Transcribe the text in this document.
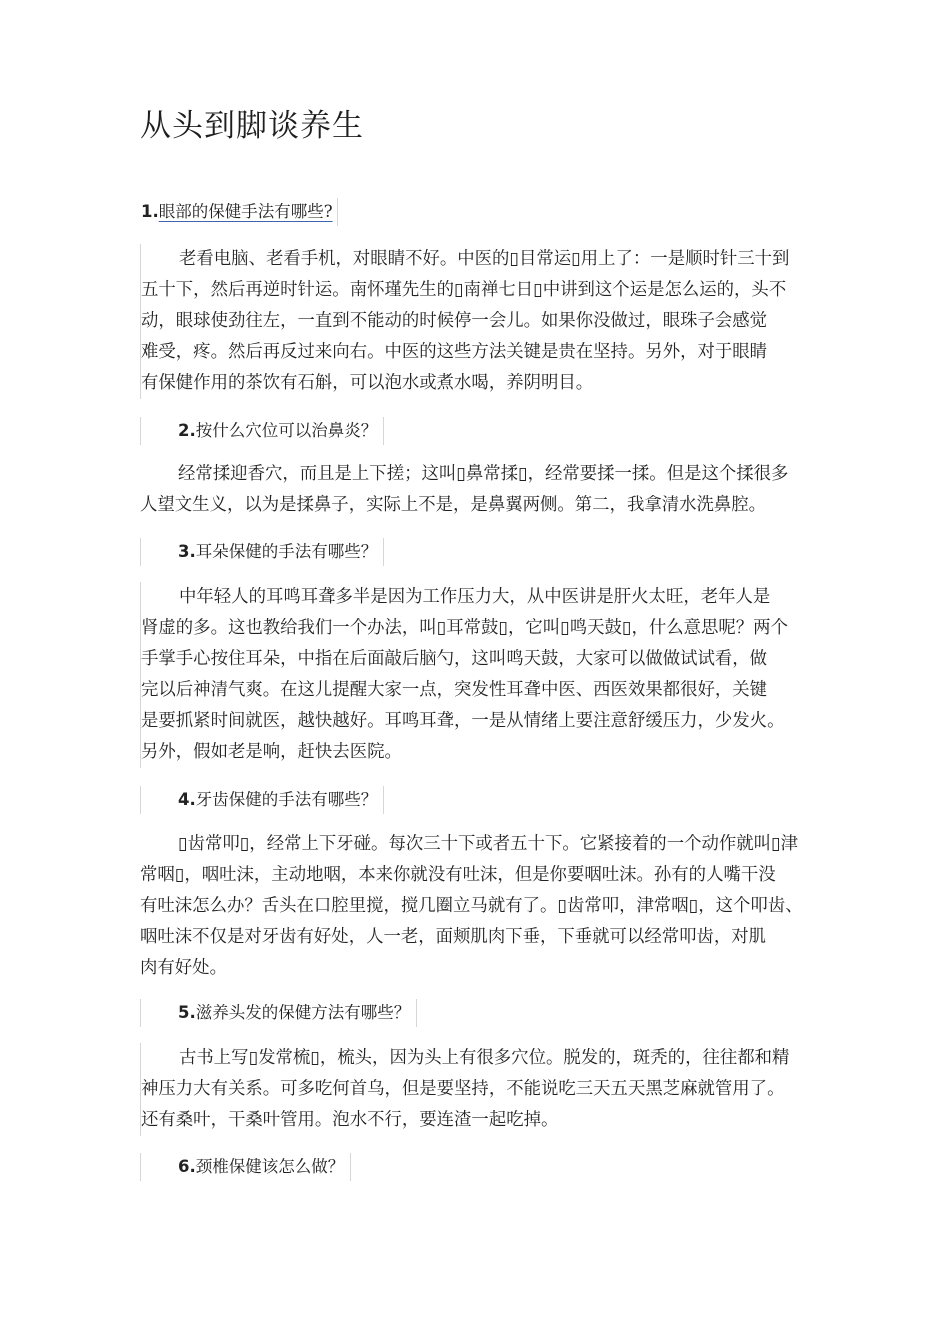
从头到脚谈养生
1.眼部的保健手法有哪些?
老看电脑、老看手机，对眼睛不好。中医的▯目常运▯用上了：一是顺时针三十到
五十下，然后再逆时针运。南怀瑾先生的▯南禅七日▯中讲到这个运是怎么运的，头不
动，眼球使劲往左，一直到不能动的时候停一会儿。如果你没做过，眼珠子会感觉
难受，疼。然后再反过来向右。中医的这些方法关键是贵在坚持。另外，对于眼睛
有保健作用的茶饮有石斛，可以泡水或煮水喝，养阴明目。
2.按什么穴位可以治鼻炎？
经常揉迎香穴，而且是上下搓；这叫▯鼻常揉▯，经常要揉一揉。但是这个揉很多
人望文生义，以为是揉鼻子，实际上不是，是鼻翼两侧。第二，我拿清水洗鼻腔。
3.耳朵保健的手法有哪些？
中年轻人的耳鸣耳聋多半是因为工作压力大，从中医讲是肝火太旺，老年人是
肾虚的多。这也教给我们一个办法，叫▯耳常鼓▯，它叫▯鸣天鼓▯，什么意思呢？两个
手掌手心按住耳朵，中指在后面敲后脑勺，这叫鸣天鼓，大家可以做做试试看，做
完以后神清气爽。在这儿提醒大家一点，突发性耳聋中医、西医效果都很好，关键
是要抓紧时间就医，越快越好。耳鸣耳聋，一是从情绪上要注意舒缓压力，少发火。
另外，假如老是响，赶快去医院。
4.牙齿保健的手法有哪些？
▯齿常叩▯，经常上下牙碰。每次三十下或者五十下。它紧接着的一个动作就叫▯津
常咽▯，咽吐沫，主动地咽，本来你就没有吐沫，但是你要咽吐沫。孙有的人嘴干没
有吐沫怎么办？舌头在口腔里搅，搅几圈立马就有了。▯齿常叩，津常咽▯，这个叩齿、
咽吐沫不仅是对牙齿有好处，人一老，面颊肌肉下垂，下垂就可以经常叩齿，对肌
肉有好处。
5.滋养头发的保健方法有哪些？
古书上写▯发常梳▯，梳头，因为头上有很多穴位。脱发的，斑秃的，往往都和精
神压力大有关系。可多吃何首乌，但是要坚持，不能说吃三天五天黑芝麻就管用了。
还有桑叶，干桑叶管用。泡水不行，要连渣一起吃掉。
6.颈椎保健该怎么做？
